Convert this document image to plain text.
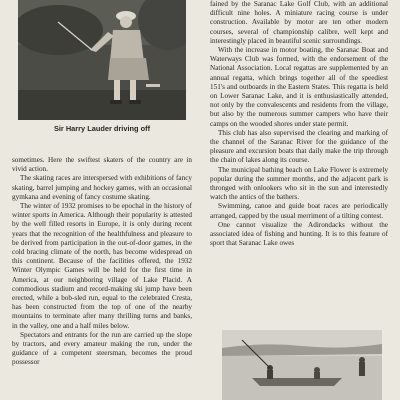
Sir Harry Lauder driving off

sometimes. Here the swiftest skaters of the country are in vivid action.

The skating races are interspersed with exhibitions of fancy skating, barrel jumping and hockey games, with an occasional gymkana and evening of fancy costume skating.

The winter of 1932 promises to be epochal in the history of winter sports in America. Although their popularity is attested by the well filled resorts in Europe, it is only during recent years that the recognition of the healthfulness and pleasure to be derived from participation in the out-of-door games, in the cold bracing climate of the north, has become widespread on this continent. Because of the facilities offered, the 1932 Winter Olympic Games will be held for the first time in America, at our neighboring village of Lake Placid. A commodious stadium and record-making ski jump have been erected, while a bob-sled run, equal to the celebrated Cresta, has been constructed from the top of one of the nearby mountains to terminate after many thrilling turns and banks, in the valley, one and a half miles below.

Spectators and entrants for the run are carried up the slope by tractors, and every amateur making the run, under the guidance of a competent steersman, becomes the proud possessor

fained by the Saranac Lake Golf Club, with an additional difficult nine holes. A miniature racing course is under construction. Available by motor are ten other modern courses, several of championship calibre, well kept and interestingly placed in beautiful scenic surroundings.

With the increase in motor boating, the Saranac Boat and Waterways Club was formed, with the endorsement of the National Association. Local regattas are supplemented by an annual regatta, which brings together all of the speediest 151's and outboards in the Eastern States. This regatta is held on Lower Saranac Lake, and it is enthusiastically attended, not only by the convalescents and residents from the village, but also by the numerous summer campers who have their camps on the wooded shores under state permit.

This club has also supervised the clearing and marking of the channel of the Saranac River for the guidance of the pleasure and excursion boats that daily make the trip through the chain of lakes along its course.

The municipal bathing beach on Lake Flower is extremely popular during the summer months, and the adjacent park is thronged with onlookers who sit in the sun and interestedly watch the antics of the bathers.

Swimming, canoe and guide boat races are periodically arranged, capped by the usual merriment of a tilting contest.

One cannot visualize the Adirondacks without the associated idea of fishing and hunting. It is to this feature of sport that Saranac Lake owes
